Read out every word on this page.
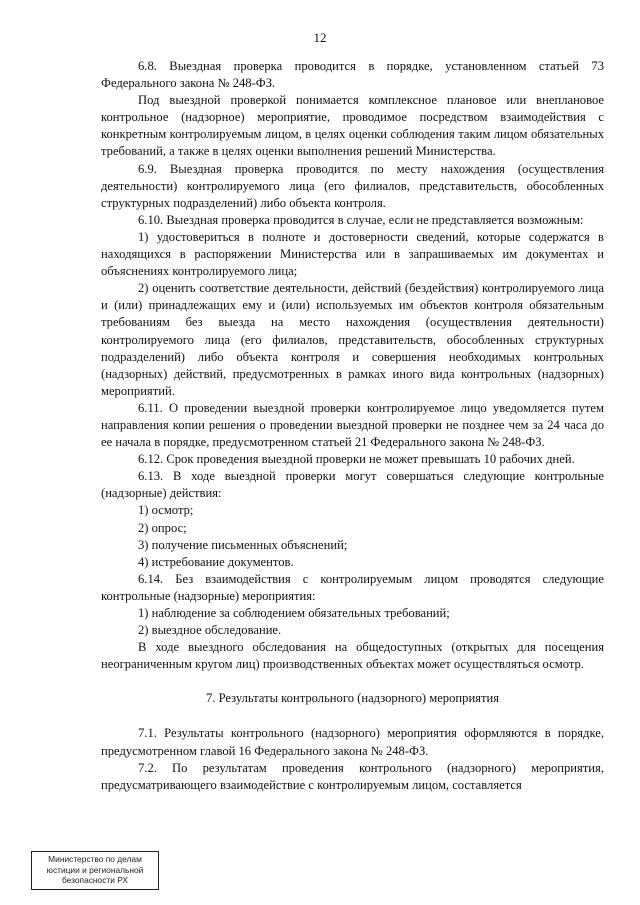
12

6.8. Выездная проверка проводится в порядке, установленном статьей 73 Федерального закона № 248-ФЗ.

Под выездной проверкой понимается комплексное плановое или внеплановое контрольное (надзорное) мероприятие, проводимое посредством взаимодействия с конкретным контролируемым лицом, в целях оценки соблюдения таким лицом обязательных требований, а также в целях оценки выполнения решений Министерства.

6.9. Выездная проверка проводится по месту нахождения (осуществления деятельности) контролируемого лица (его филиалов, представительств, обособленных структурных подразделений) либо объекта контроля.

6.10. Выездная проверка проводится в случае, если не представляется возможным:

1) удостовериться в полноте и достоверности сведений, которые содержатся в находящихся в распоряжении Министерства или в запрашиваемых им документах и объяснениях контролируемого лица;

2) оценить соответствие деятельности, действий (бездействия) контролируемого лица и (или) принадлежащих ему и (или) используемых им объектов контроля обязательным требованиям без выезда на место нахождения (осуществления деятельности) контролируемого лица (его филиалов, представительств, обособленных структурных подразделений) либо объекта контроля и совершения необходимых контрольных (надзорных) действий, предусмотренных в рамках иного вида контрольных (надзорных) мероприятий.

6.11. О проведении выездной проверки контролируемое лицо уведомляется путем направления копии решения о проведении выездной проверки не позднее чем за 24 часа до ее начала в порядке, предусмотренном статьей 21 Федерального закона № 248-ФЗ.

6.12. Срок проведения выездной проверки не может превышать 10 рабочих дней.

6.13. В ходе выездной проверки могут совершаться следующие контрольные (надзорные) действия:

1) осмотр;

2) опрос;

3) получение письменных объяснений;

4) истребование документов.

6.14. Без взаимодействия с контролируемым лицом проводятся следующие контрольные (надзорные) мероприятия:

1) наблюдение за соблюдением обязательных требований;

2) выездное обследование.

В ходе выездного обследования на общедоступных (открытых для посещения неограниченным кругом лиц) производственных объектах может осуществляться осмотр.

7. Результаты контрольного (надзорного) мероприятия

7.1. Результаты контрольного (надзорного) мероприятия оформляются в порядке, предусмотренном главой 16 Федерального закона № 248-ФЗ.

7.2. По результатам проведения контрольного (надзорного) мероприятия, предусматривающего взаимодействие с контролируемым лицом, составляется

Министерство по делам
юстиции и региональной
безопасности РХ
